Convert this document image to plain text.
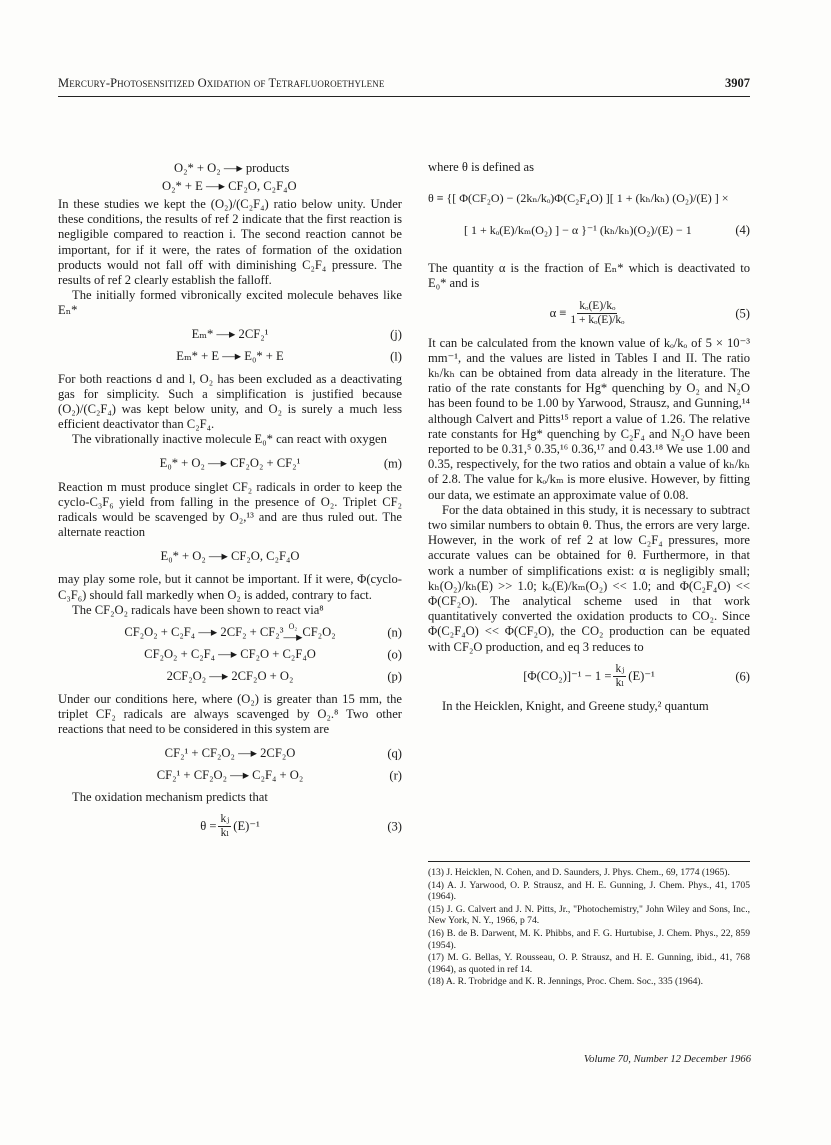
Mercury-Photosensitized Oxidation of Tetrafluoroethylene	3907
O₂* + O₂ —▸ products
O₂* + E —▸ CF₂O, C₂F₄O

In these studies we kept the (O₂)/(C₂F₄) ratio below unity. Under these conditions, the results of ref 2 indicate that the first reaction is negligible compared to reaction i. The second reaction cannot be important, for if it were, the rates of formation of the oxidation products would not fall off with diminishing C₂F₄ pressure. The results of ref 2 clearly establish the falloff.

The initially formed vibronically excited molecule behaves like Eₙ*

Eₘ* —▸ 2CF₂¹	(j)
Eₘ* + E —▸ E₀* + E	(l)

For both reactions d and l, O₂ has been excluded as a deactivating gas for simplicity. Such a simplification is justified because (O₂)/(C₂F₄) was kept below unity, and O₂ is surely a much less efficient deactivator than C₂F₄.

The vibrationally inactive molecule E₀* can react with oxygen

E₀* + O₂ —▸ CF₂O₂ + CF₂¹	(m)

Reaction m must produce singlet CF₂ radicals in order to keep the cyclo-C₃F₆ yield from falling in the presence of O₂. Triplet CF₂ radicals would be scavenged by O₂,¹³ and are thus ruled out. The alternate reaction

E₀* + O₂ —▸ CF₂O, C₂F₄O

may play some role, but it cannot be important. If it were, Φ(cyclo-C₃F₆) should fall markedly when O₂ is added, contrary to fact.

The CF₂O₂ radicals have been shown to react via⁸

CF₂O₂ + C₂F₄ —▸ 2CF₂ + CF₂³ O₂
—▸ CF₂O₂	(n)
CF₂O₂ + C₂F₄ —▸ CF₂O + C₂F₄O	(o)
2CF₂O₂ —▸ 2CF₂O + O₂	(p)

Under our conditions here, where (O₂) is greater than 15 mm, the triplet CF₂ radicals are always scavenged by O₂.⁸ Two other reactions that need to be considered in this system are

CF₂¹ + CF₂O₂ —▸ 2CF₂O	(q)
CF₂¹ + CF₂O₂ —▸ C₂F₄ + O₂	(r)

The oxidation mechanism predicts that

$\theta = \frac{\text{kⱼ}}{\text{kₗ}} (E)^{-1}$	(3)

where θ is defined as

θ ≡ {[ Φ(CF₂O) − (2kₙ/kₒ)Φ(C₂F₄O) ][ 1 + (kₕ/kₕ) (O₂)/(E) ] ×
[ 1 + kₒ(E)/kₘ(O₂) ] − α }⁻¹ (kₕ/kₕ)(O₂)/(E) − 1	(4)

The quantity α is the fraction of Eₙ* which is deactivated to E₀* and is

$\alpha \equiv \frac{\text{kₒ(E)/kₒ}}{\text{1 + kₒ(E)/kₒ}}$	(5)

It can be calculated from the known value of kₒ/kₒ of 5 × 10⁻³ mm⁻¹, and the values are listed in Tables I and II. The ratio kₕ/kₕ can be obtained from data already in the literature. The ratio of the rate constants for Hg* quenching by O₂ and N₂O has been found to be 1.00 by Yarwood, Strausz, and Gunning,¹⁴ although Calvert and Pitts¹⁵ report a value of 1.26. The relative rate constants for Hg* quenching by C₂F₄ and N₂O have been reported to be 0.31,⁵ 0.35,¹⁶ 0.36,¹⁷ and 0.43.¹⁸ We use 1.00 and 0.35, respectively, for the two ratios and obtain a value of kₕ/kₕ of 2.8. The value for kₒ/kₘ is more elusive. However, by fitting our data, we estimate an approximate value of 0.08.

For the data obtained in this study, it is necessary to subtract two similar numbers to obtain θ. Thus, the errors are very large. However, in the work of ref 2 at low C₂F₄ pressures, more accurate values can be obtained for θ. Furthermore, in that work a number of simplifications exist: α is negligibly small; kₕ(O₂)/kₕ(E) >> 1.0; kₒ(E)/kₘ(O₂) << 1.0; and Φ(C₂F₄O) << Φ(CF₂O). The analytical scheme used in that work quantitatively converted the oxidation products to CO₂. Since Φ(C₂F₄O) << Φ(CF₂O), the CO₂ production can be equated with CF₂O production, and eq 3 reduces to

$[\Phi(CO_2)]^{-1} - 1 = \frac{\text{kⱼ}}{\text{kₗ}} (E)^{-1}$	(6)

In the Heicklen, Knight, and Greene study,² quantum

(13) J. Heicklen, N. Cohen, and D. Saunders, J. Phys. Chem., 69, 1774 (1965).

(14) A. J. Yarwood, O. P. Strausz, and H. E. Gunning, J. Chem. Phys., 41, 1705 (1964).

(15) J. G. Calvert and J. N. Pitts, Jr., "Photochemistry," John Wiley and Sons, Inc., New York, N. Y., 1966, p 74.

(16) B. de B. Darwent, M. K. Phibbs, and F. G. Hurtubise, J. Chem. Phys., 22, 859 (1954).

(17) M. G. Bellas, Y. Rousseau, O. P. Strausz, and H. E. Gunning, ibid., 41, 768 (1964), as quoted in ref 14.

(18) A. R. Trobridge and K. R. Jennings, Proc. Chem. Soc., 335 (1964).

Volume 70, Number 12 December 1966
